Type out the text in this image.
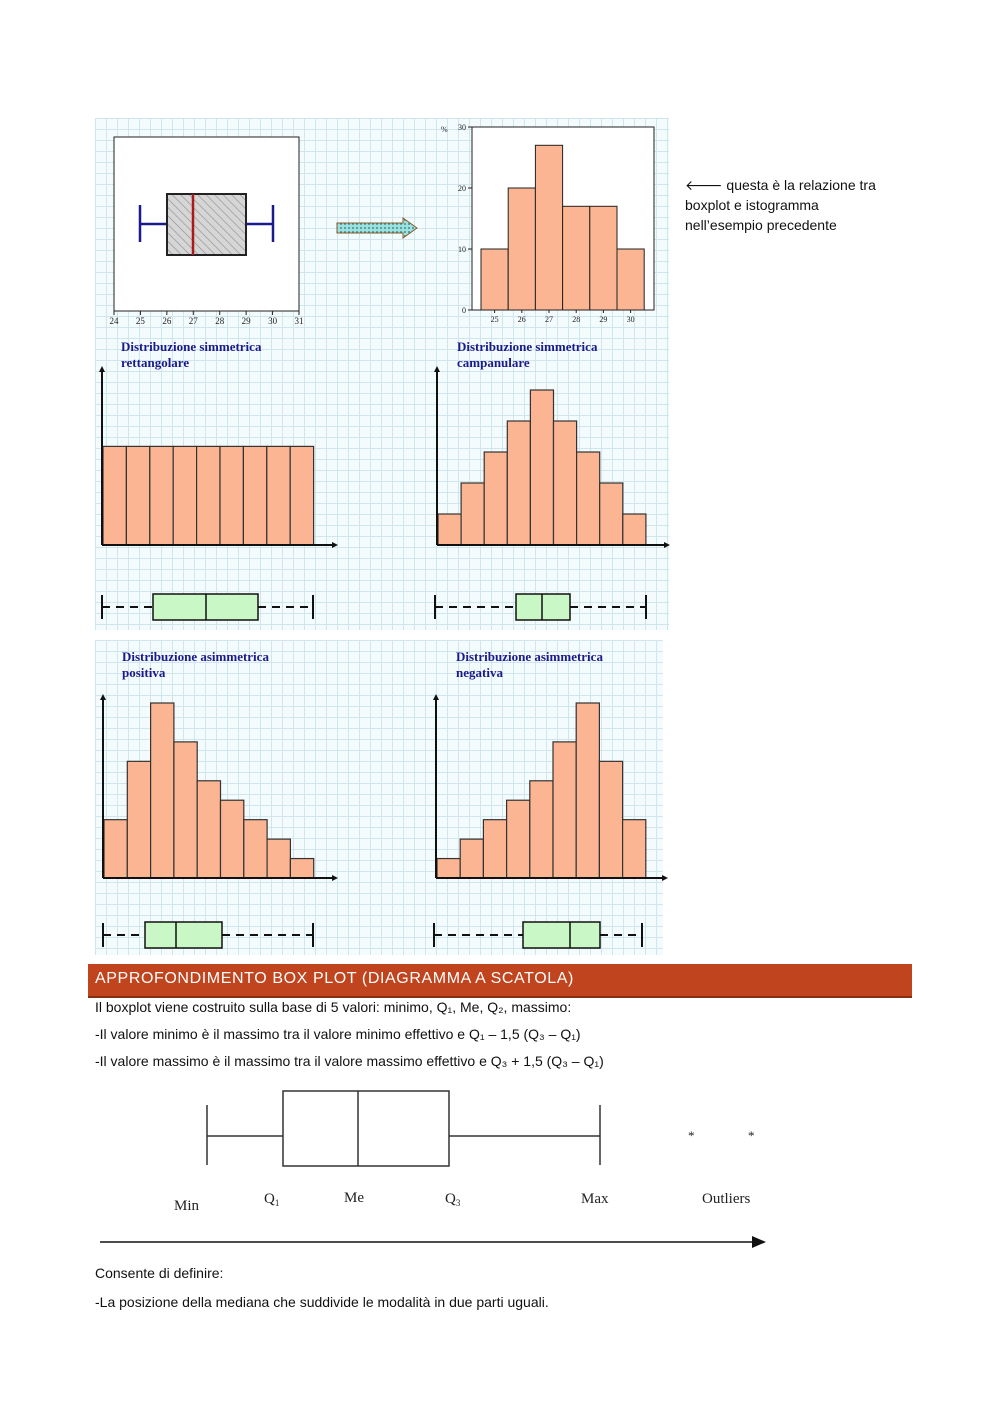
24 25 26 27 28 29 30 31
0
10
20
30
25 26 27 28 29 30
%
🡐 questa è la relazione tra
boxplot e istogramma
nell’esempio precedente
Distribuzione simmetrica
rettangolare
Distribuzione simmetrica
campanulare
Distribuzione asimmetrica
positiva
Distribuzione asimmetrica
negativa
APPROFONDIMENTO BOX PLOT (DIAGRAMMA A SCATOLA)
Il boxplot viene costruito sulla base di 5 valori: minimo, Q₁, Me, Q₂, massimo:
-Il valore minimo è il massimo tra il valore minimo effettivo e Q₁ – 1,5 (Q₃ – Q₁)
-Il valore massimo è il massimo tra il valore massimo effettivo e Q₃ + 1,5 (Q₃ – Q₁)
*	*
Min	$Q_1$	Me	$Q_3$	Max	Outliers
Consente di definire:
-La posizione della mediana che suddivide le modalità in due parti uguali.
